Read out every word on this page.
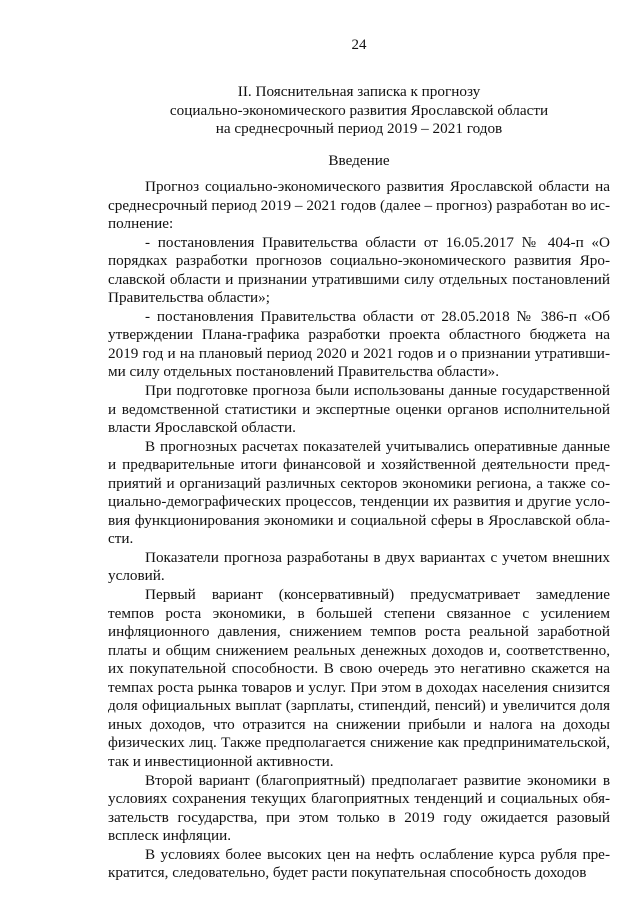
24
II. Пояснительная записка к прогнозу
социально-экономического развития Ярославской области
на среднесрочный период 2019 – 2021 годов
Введение

Прогноз социально-экономического развития Ярославской области на среднесрочный период 2019 – 2021 годов (далее – прогноз) разработан во исполнение:

- постановления Правительства области от 16.05.2017 № 404-п «О порядках разработки прогнозов социально-экономического развития Ярославской области и признании утратившими силу отдельных постановлений Правительства области»;

- постановления Правительства области от 28.05.2018 № 386-п «Об утверждении Плана-графика разработки проекта областного бюджета на 2019 год и на плановый период 2020 и 2021 годов и о признании утратившими силу отдельных постановлений Правительства области».

При подготовке прогноза были использованы данные государственной и ведомственной статистики и экспертные оценки органов исполнительной власти Ярославской области.

В прогнозных расчетах показателей учитывались оперативные данные и предварительные итоги финансовой и хозяйственной деятельности предприятий и организаций различных секторов экономики региона, а также социально-демографических процессов, тенденции их развития и другие условия функционирования экономики и социальной сферы в Ярославской области.

Показатели прогноза разработаны в двух вариантах с учетом внешних условий.

Первый вариант (консервативный) предусматривает замедление темпов роста экономики, в большей степени связанное с усилением инфляционного давления, снижением темпов роста реальной заработной платы и общим снижением реальных денежных доходов и, соответственно, их покупательной способности. В свою очередь это негативно скажется на темпах роста рынка товаров и услуг. При этом в доходах населения снизится доля официальных выплат (зарплаты, стипендий, пенсий) и увеличится доля иных доходов, что отразится на снижении прибыли и налога на доходы физических лиц. Также предполагается снижение как предпринимательской, так и инвестиционной активности.

Второй вариант (благоприятный) предполагает развитие экономики в условиях сохранения текущих благоприятных тенденций и социальных обязательств государства, при этом только в 2019 году ожидается разовый всплеск инфляции.

В условиях более высоких цен на нефть ослабление курса рубля прекратится, следовательно, будет расти покупательная способность доходов
